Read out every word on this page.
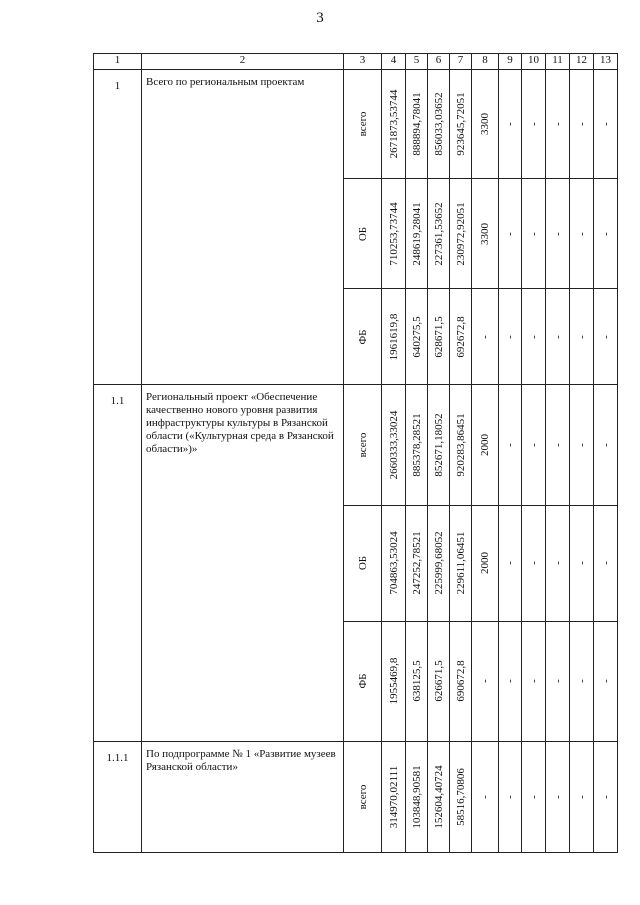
3
1	2	3	4	5	6	7	8	9	10	11	12	13
1	Всего по региональным проектам	всего	2671873,53744	888894,78041	856033,03652	923645,72051	3300	-	-	-	-	-

		ОБ	710253,73744	248619,28041	227361,53652	230972,92051	3300	-	-	-	-	-

		ФБ	1961619,8	640275,5	628671,5	692672,8	-	-	-	-	-	-

1.1	Региональный проект «Обеспечение качественно нового уровня развития инфраструктуры культуры в Рязанской области («Культурная среда в Рязанской области»)»	всего	2660333,33024	885378,28521	852671,18052	920283,86451	2000	-	-	-	-	-

		ОБ	704863,53024	247252,78521	225999,68052	229611,06451	2000	-	-	-	-	-

		ФБ	1955469,8	638125,5	626671,5	690672,8	-	-	-	-	-	-

1.1.1	По подпрограмме № 1 «Развитие музеев Рязанской области»	всего	314970,02111	103848,90581	152604,40724	58516,70806	-	-	-	-	-	-
